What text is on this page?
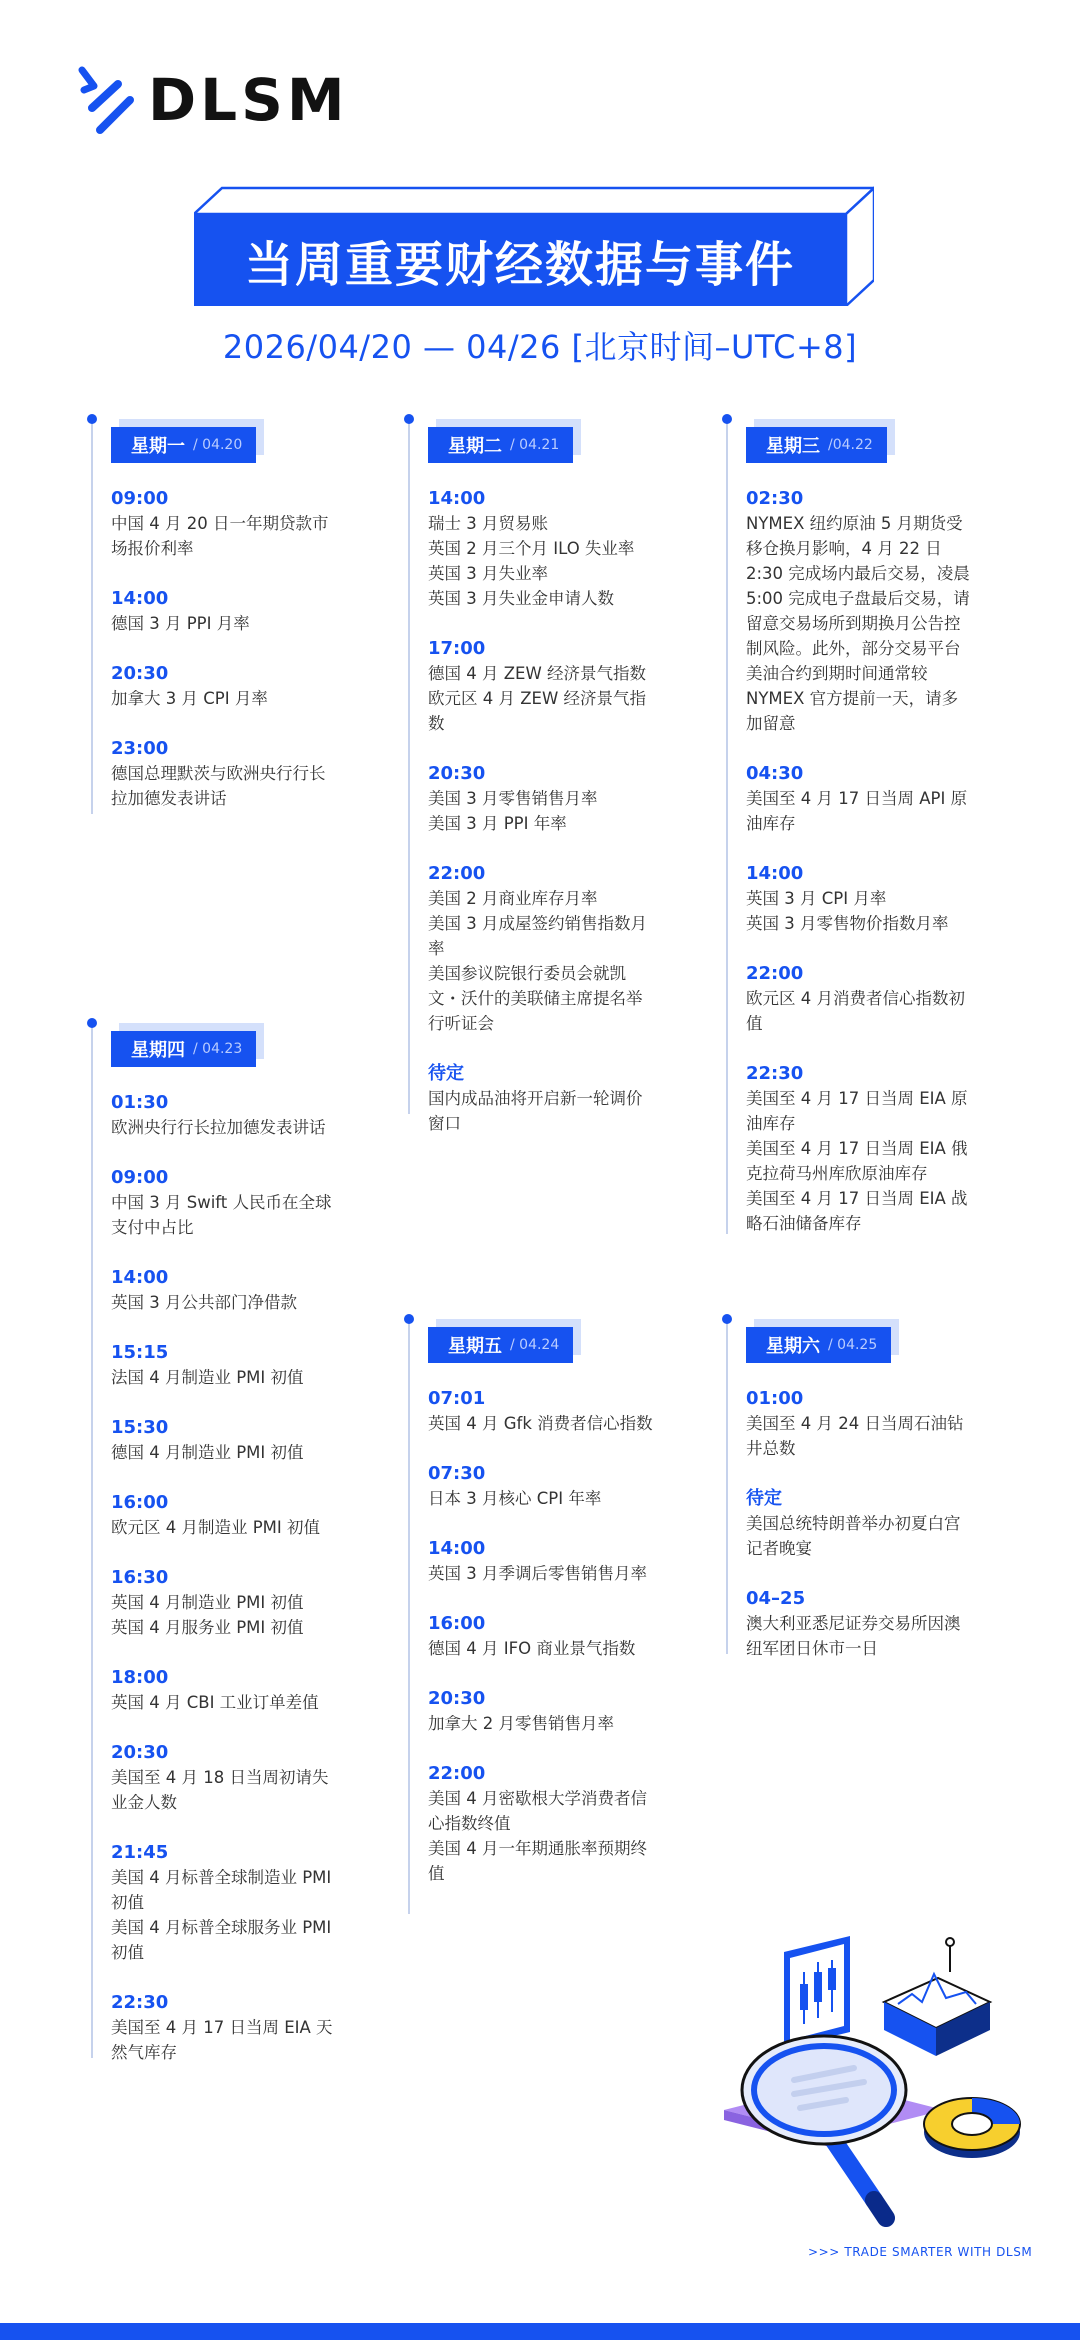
DLSM
当周重要财经数据与事件
2026/04/20 — 04/26 [北京时间–UTC+8]
星期一 / 04.20
09:00
中国 4 月 20 日一年期贷款市
场报价利率
14:00
德国 3 月 PPI 月率
20:30
加拿大 3 月 CPI 月率
23:00
德国总理默茨与欧洲央行行长
拉加德发表讲话
星期二 / 04.21
14:00
瑞士 3 月贸易账
英国 2 月三个月 ILO 失业率
英国 3 月失业率
英国 3 月失业金申请人数
17:00
德国 4 月 ZEW 经济景气指数
欧元区 4 月 ZEW 经济景气指
数
20:30
美国 3 月零售销售月率
美国 3 月 PPI 年率
22:00
美国 2 月商业库存月率
美国 3 月成屋签约销售指数月
率
美国参议院银行委员会就凯
文・沃什的美联储主席提名举
行听证会
待定
国内成品油将开启新一轮调价
窗口
星期三 /04.22
02:30
NYMEX 纽约原油 5 月期货受
移仓换月影响，4 月 22 日
2:30 完成场内最后交易，凌晨
5:00 完成电子盘最后交易，请
留意交易场所到期换月公告控
制风险。此外，部分交易平台
美油合约到期时间通常较
NYMEX 官方提前一天，请多
加留意
04:30
美国至 4 月 17 日当周 API 原
油库存
14:00
英国 3 月 CPI 月率
英国 3 月零售物价指数月率
22:00
欧元区 4 月消费者信心指数初
值
22:30
美国至 4 月 17 日当周 EIA 原
油库存
美国至 4 月 17 日当周 EIA 俄
克拉荷马州库欣原油库存
美国至 4 月 17 日当周 EIA 战
略石油储备库存
星期四 / 04.23
01:30
欧洲央行行长拉加德发表讲话
09:00
中国 3 月 Swift 人民币在全球
支付中占比
14:00
英国 3 月公共部门净借款
15:15
法国 4 月制造业 PMI 初值
15:30
德国 4 月制造业 PMI 初值
16:00
欧元区 4 月制造业 PMI 初值
16:30
英国 4 月制造业 PMI 初值
英国 4 月服务业 PMI 初值
18:00
英国 4 月 CBI 工业订单差值
20:30
美国至 4 月 18 日当周初请失
业金人数
21:45
美国 4 月标普全球制造业 PMI
初值
美国 4 月标普全球服务业 PMI
初值
22:30
美国至 4 月 17 日当周 EIA 天
然气库存
星期五 / 04.24
07:01
英国 4 月 Gfk 消费者信心指数
07:30
日本 3 月核心 CPI 年率
14:00
英国 3 月季调后零售销售月率
16:00
德国 4 月 IFO 商业景气指数
20:30
加拿大 2 月零售销售月率
22:00
美国 4 月密歇根大学消费者信
心指数终值
美国 4 月一年期通胀率预期终
值
星期六 / 04.25
01:00
美国至 4 月 24 日当周石油钻
井总数
待定
美国总统特朗普举办初夏白宫
记者晚宴
04–25
澳大利亚悉尼证券交易所因澳
纽军团日休市一日
>>> TRADE SMARTER WITH DLSM
